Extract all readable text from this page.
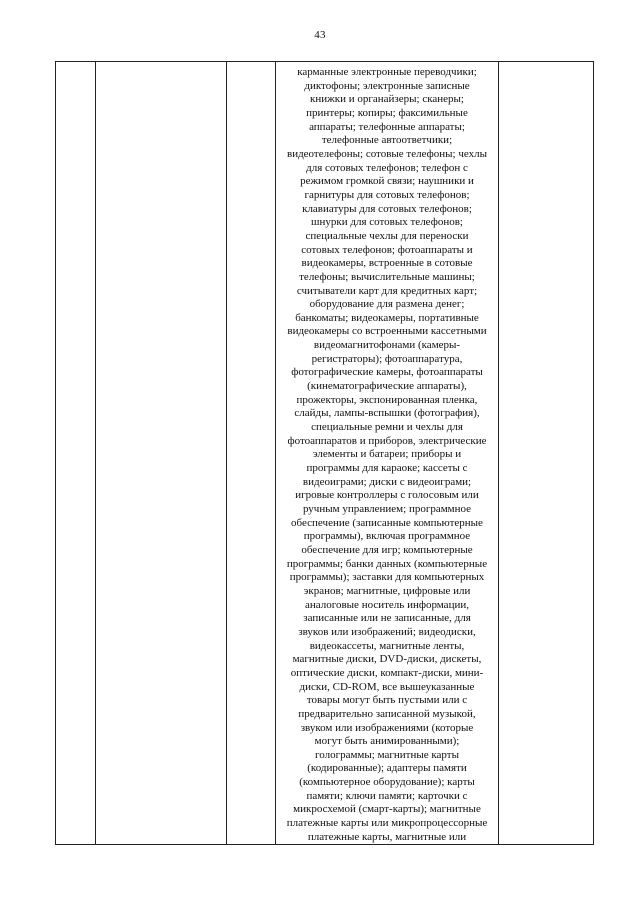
43

карманные электронные переводчики;
диктофоны; электронные записные
книжки и органайзеры; сканеры;
принтеры; копиры; факсимильные
аппараты; телефонные аппараты;
телефонные автоответчики;
видеотелефоны; сотовые телефоны; чехлы
для сотовых телефонов; телефон с
режимом громкой связи; наушники и
гарнитуры для сотовых телефонов;
клавиатуры для сотовых телефонов;
шнурки для сотовых телефонов;
специальные чехлы для переноски
сотовых телефонов; фотоаппараты и
видеокамеры, встроенные в сотовые
телефоны; вычислительные машины;
считыватели карт для кредитных карт;
оборудование для размена денег;
банкоматы; видеокамеры, портативные
видеокамеры со встроенными кассетными
видеомагнитофонами (камеры-
регистраторы); фотоаппаратура,
фотографические камеры, фотоаппараты
(кинематографические аппараты),
прожекторы, экспонированная пленка,
слайды, лампы-вспышки (фотография),
специальные ремни и чехлы для
фотоаппаратов и приборов, электрические
элементы и батареи; приборы и
программы для караоке; кассеты с
видеоиграми; диски с видеоиграми;
игровые контроллеры с голосовым или
ручным управлением; программное
обеспечение (записанные компьютерные
программы), включая программное
обеспечение для игр; компьютерные
программы; банки данных (компьютерные
программы); заставки для компьютерных
экранов; магнитные, цифровые или
аналоговые носитель информации,
записанные или не записанные, для
звуков или изображений; видеодиски,
видеокассеты, магнитные ленты,
магнитные диски, DVD-диски, дискеты,
оптические диски, компакт-диски, мини-
диски, CD-ROM, все вышеуказанные
товары могут быть пустыми или с
предварительно записанной музыкой,
звуком или изображениями (которые
могут быть анимированными);
голограммы; магнитные карты
(кодированные); адаптеры памяти
(компьютерное оборудование); карты
памяти; ключи памяти; карточки с
микросхемой (смарт-карты); магнитные
платежные карты или микропроцессорные
платежные карты, магнитные или
